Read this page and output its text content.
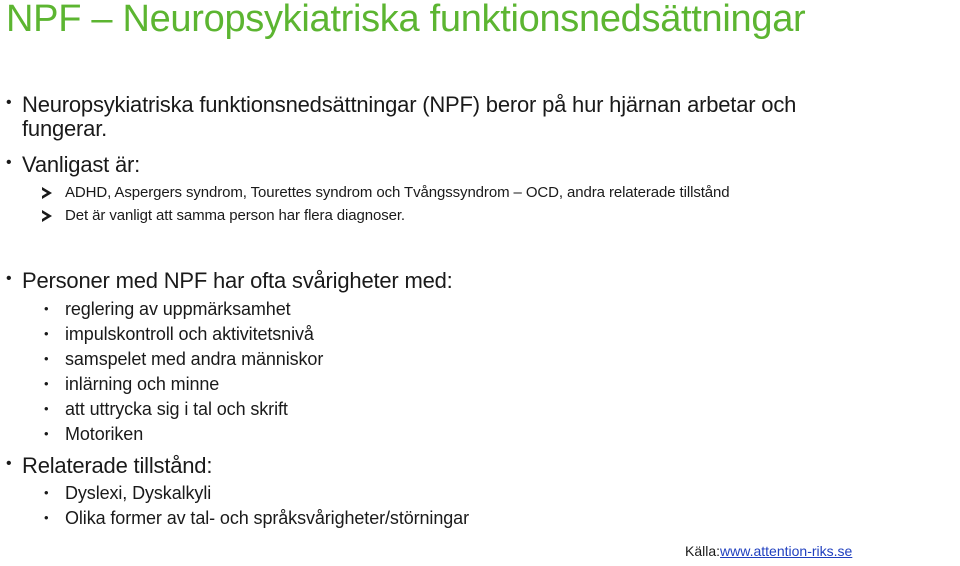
NPF – Neuropsykiatriska funktionsnedsättningar
• Neuropsykiatriska funktionsnedsättningar (NPF) beror på hur hjärnan arbetar och
fungerar.
• Vanligast är:
ADHD, Aspergers syndrom, Tourettes syndrom och Tvångssyndrom – OCD, andra relaterade tillstånd
Det är vanligt att samma person har flera diagnoser.
• Personer med NPF har ofta svårigheter med:
• reglering av uppmärksamhet
• impulskontroll och aktivitetsnivå
• samspelet med andra människor
• inlärning och minne
• att uttrycka sig i tal och skrift
• Motoriken
• Relaterade tillstånd:
• Dyslexi, Dyskalkyli
• Olika former av tal- och språksvårigheter/störningar
Källa:www.attention-riks.se
